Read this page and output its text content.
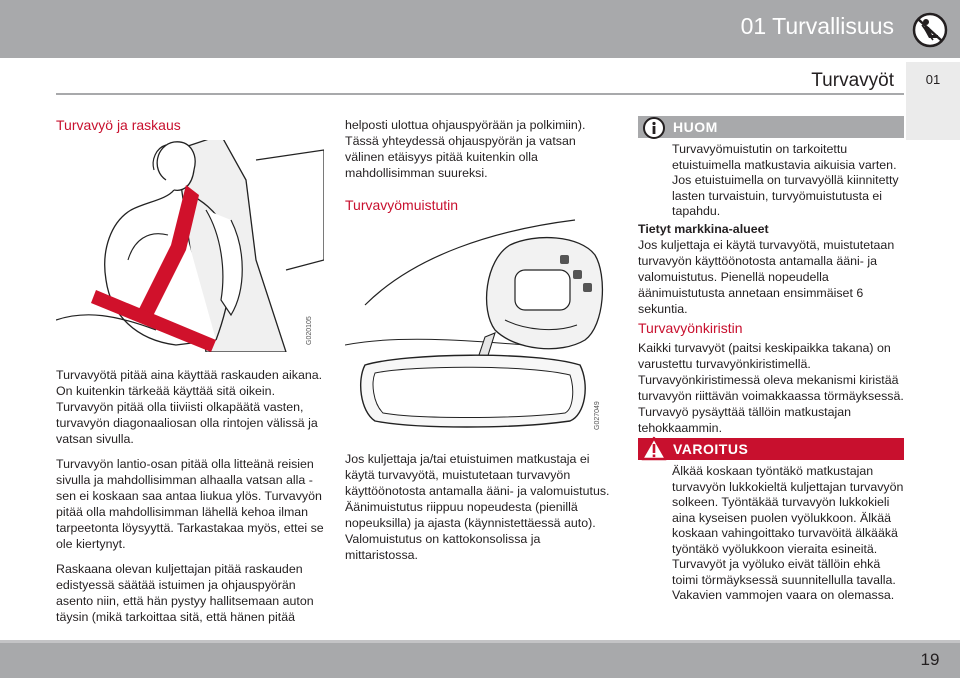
01 Turvallisuus
Turvavyöt	01
Turvavyö ja raskaus
G020105

Turvavyötä pitää aina käyttää raskauden aikana. On kuitenkin tärkeää käyttää sitä oikein. Turvavyön pitää olla tiiviisti olkapäätä vasten, turvavyön diagonaaliosan olla rintojen välissä ja vatsan sivulla.

Turvavyön lantio-osan pitää olla litteänä reisien sivulla ja mahdollisimman alhaalla vatsan alla - sen ei koskaan saa antaa liukua ylös. Turvavyön pitää olla mahdollisimman lähellä kehoa ilman tarpeetonta löysyyttä. Tarkastakaa myös, ettei se ole kiertynyt.

Raskaana olevan kuljettajan pitää raskauden edistyessä säätää istuimen ja ohjauspyörän asento niin, että hän pystyy hallitsemaan auton täysin (mikä tarkoittaa sitä, että hänen pitää

helposti ulottua ohjauspyörään ja polkimiin). Tässä yhteydessä ohjauspyörän ja vatsan välinen etäisyys pitää kuitenkin olla mahdollisimman suureksi.
Turvavyömuistutin
G027049
Jos kuljettaja ja/tai etuistuimen matkustaja ei käytä turvavyötä, muistutetaan turvavyön käyttöönotosta antamalla ääni- ja valomuistutus. Äänimuistutus riippuu nopeudesta (pienillä nopeuksilla) ja ajasta (käynnistettäessä auto). Valomuistutus on kattokonsolissa ja mittaristossa.
HUOM
Turvavyömuistutin on tarkoitettu etuistuimella matkustavia aikuisia varten. Jos etuistuimella on turvavyöllä kiinnitetty lasten turvaistuin, turvyömuistutusta ei tapahdu.

Tietyt markkina-alueet

Jos kuljettaja ei käytä turvavyötä, muistutetaan turvavyön käyttöönotosta antamalla ääni- ja valomuistutus. Pienellä nopeudella äänimuistutusta annetaan ensimmäiset 6 sekuntia.

Turvavyönkiristin
Kaikki turvavyöt (paitsi keskipaikka takana) on varustettu turvavyönkiristimellä. Turvavyönkiristimessä oleva mekanismi kiristää turvavyön riittävän voimakkaassa törmäyksessä. Turvavyö pysäyttää tällöin matkustajan tehokkaammin.
VAROITUS
Älkää koskaan työntäkö matkustajan turvavyön lukkokieltä kuljettajan turvavyön solkeen. Työntäkää turvavyön lukkokieli aina kyseisen puolen vyölukkoon. Älkää koskaan vahingoittako turvavöitä älkääkä työntäkö vyölukkoon vieraita esineitä. Turvavyöt ja vyöluko eivät tällöin ehkä toimi törmäyksessä suunnitellulla tavalla. Vakavien vammojen vaara on olemassa.
19
